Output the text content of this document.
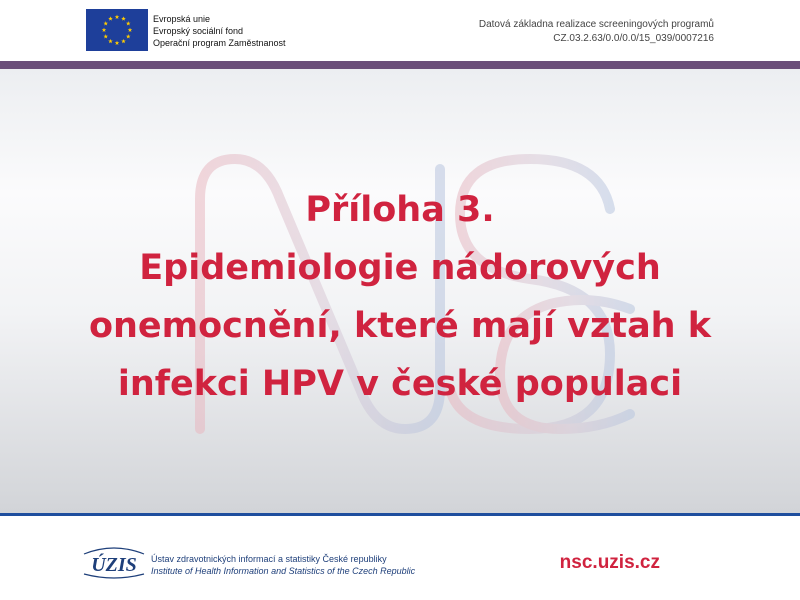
Evropská unie
Evropský sociální fond
Operační program Zaměstnanost
Datová základna realizace screeningových programů
CZ.03.2.63/0.0/0.0/15_039/0007216
Příloha 3.
Epidemiologie nádorových
onemocnění, které mají vztah k
infekci HPV v české populaci
ÚZIS Ústav zdravotnických informací a statistiky České republiky
Institute of Health Information and Statistics of the Czech Republic	nsc.uzis.cz
